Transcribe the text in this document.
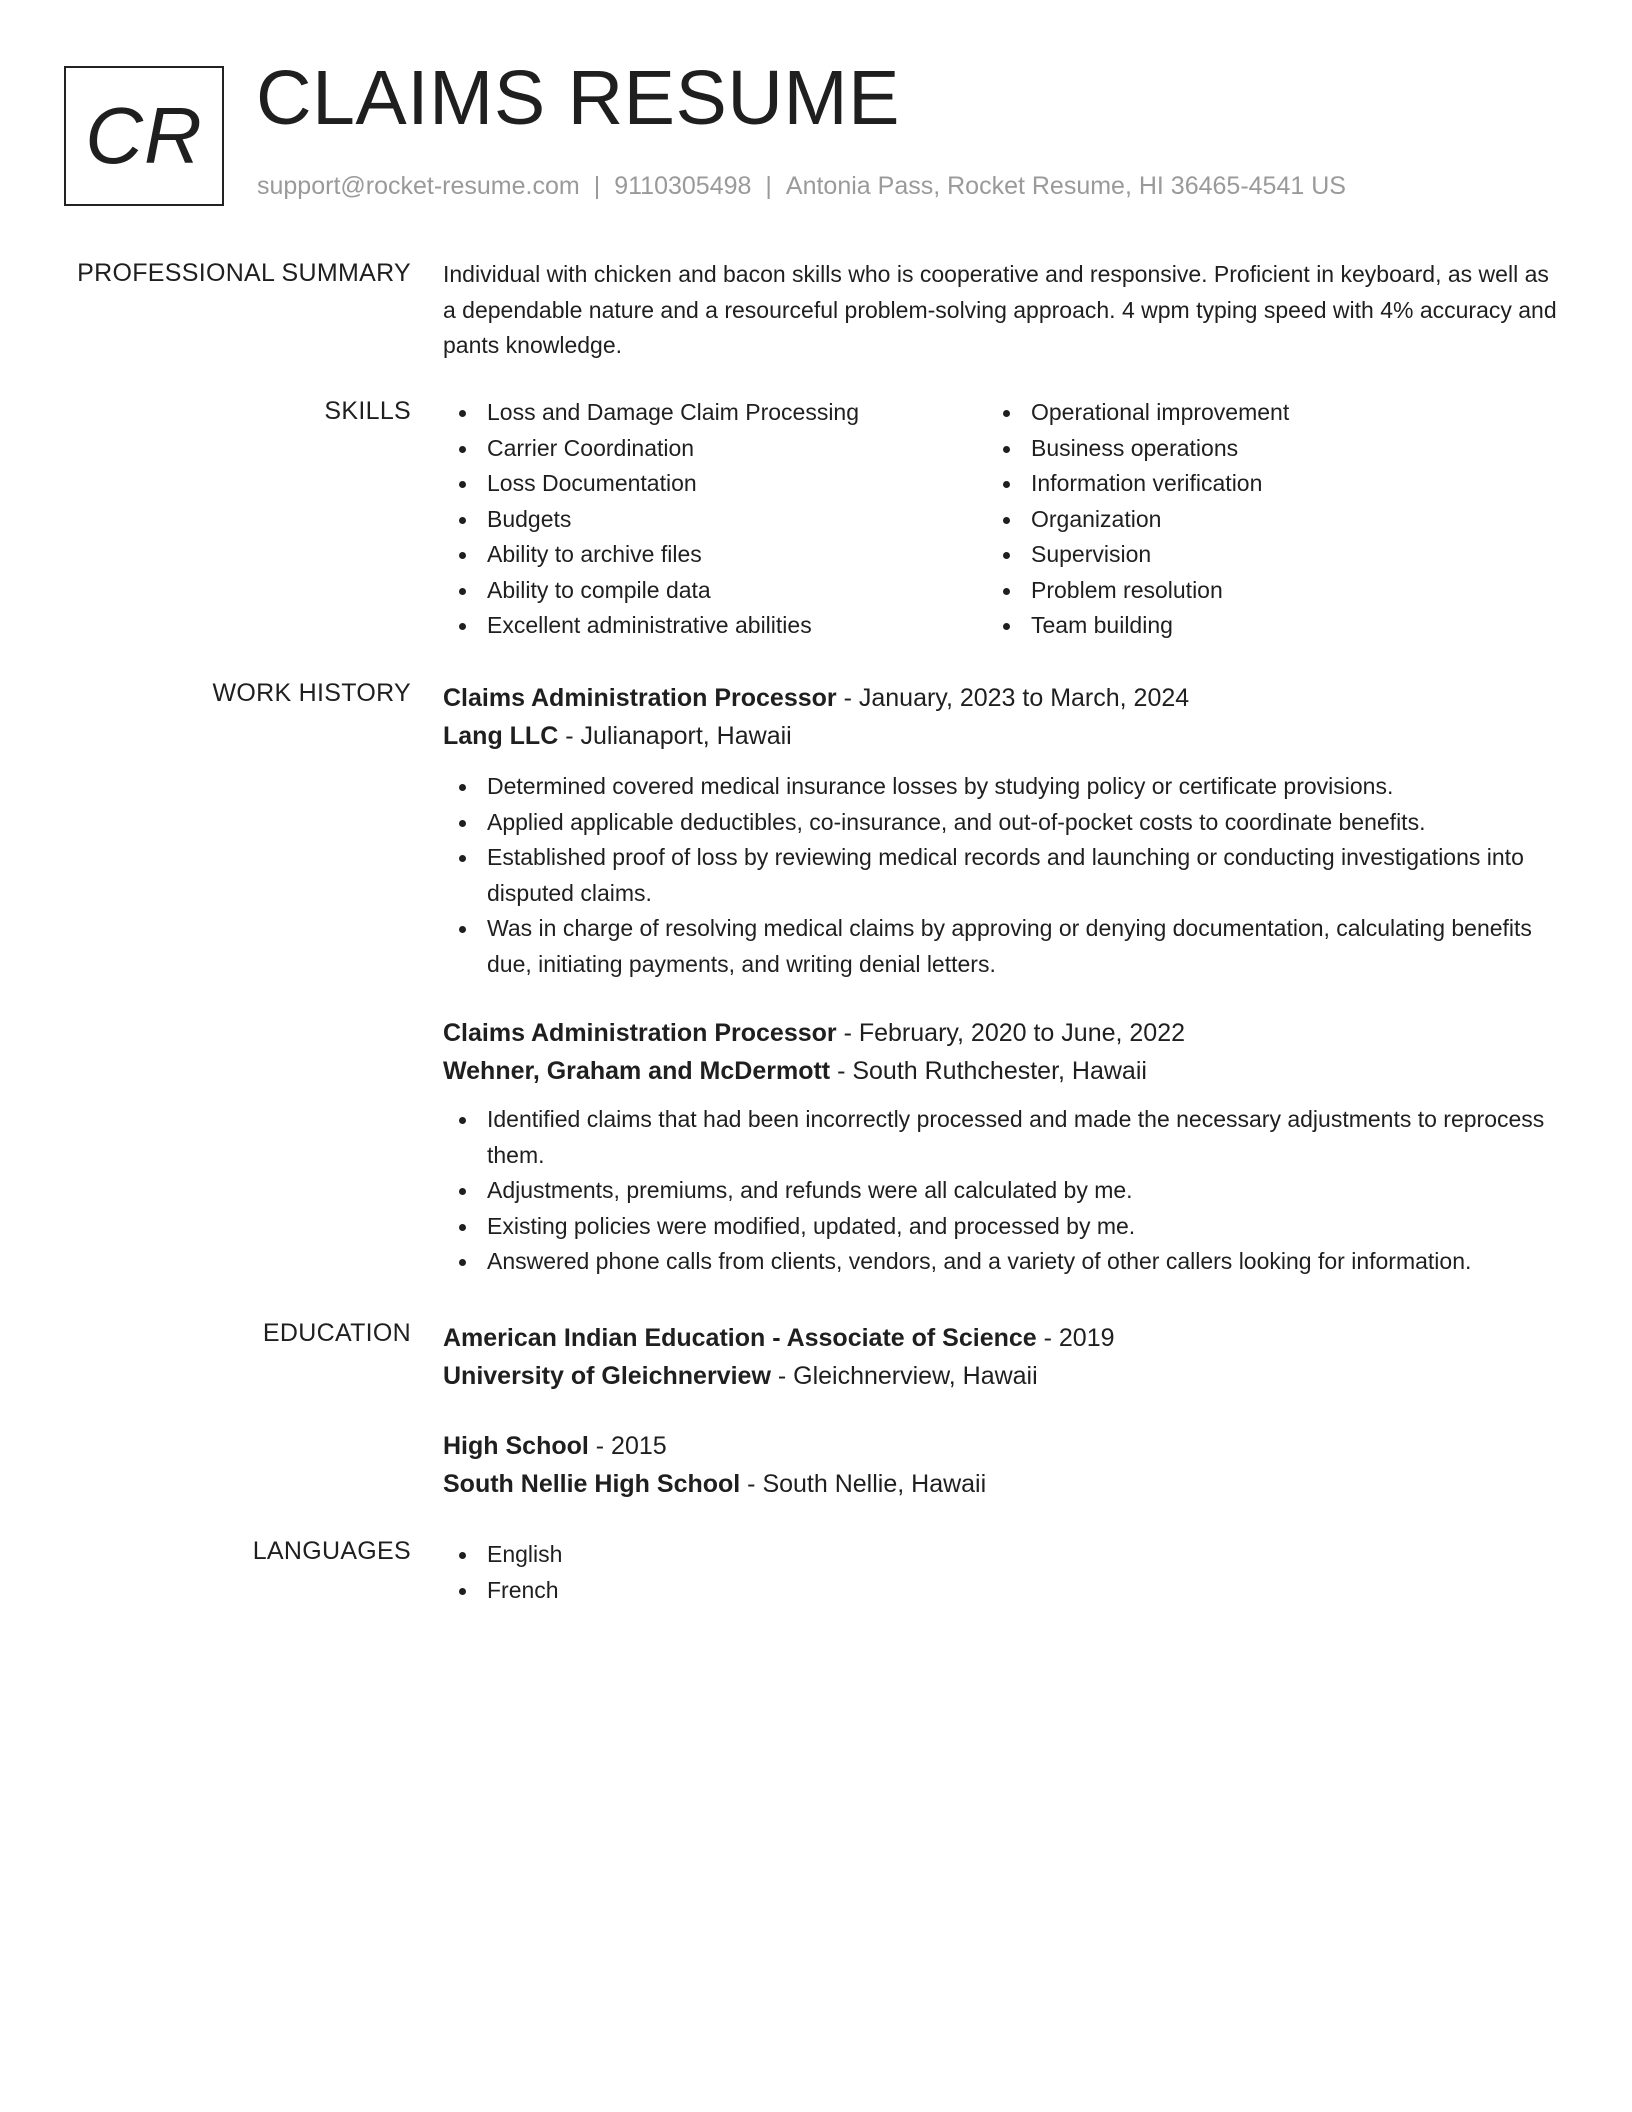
CR CLAIMS RESUME
support@rocket-resume.com | 9110305498 | Antonia Pass, Rocket Resume, HI 36465-4541 US
PROFESSIONAL SUMMARY Individual with chicken and bacon skills who is cooperative and responsive. Proficient in keyboard, as well as a dependable nature and a resourceful problem-solving approach. 4 wpm typing speed with 4% accuracy and pants knowledge.
SKILLS	Loss and Damage Claim Processing
Carrier Coordination
Loss Documentation
Budgets
Ability to archive files
Ability to compile data
Excellent administrative abilities
Operational improvement
Business operations
Information verification
Organization
Supervision
Problem resolution
Team building
WORK HISTORY Claims Administration Processor - January, 2023 to March, 2024
Lang LLC - Julianaport, Hawaii
Determined covered medical insurance losses by studying policy or certificate provisions.
Applied applicable deductibles, co-insurance, and out-of-pocket costs to coordinate benefits.
Established proof of loss by reviewing medical records and launching or conducting investigations into disputed claims.
Was in charge of resolving medical claims by approving or denying documentation, calculating benefits due, initiating payments, and writing denial letters.
Claims Administration Processor - February, 2020 to June, 2022
Wehner, Graham and McDermott - South Ruthchester, Hawaii
Identified claims that had been incorrectly processed and made the necessary adjustments to reprocess them.
Adjustments, premiums, and refunds were all calculated by me.
Existing policies were modified, updated, and processed by me.
Answered phone calls from clients, vendors, and a variety of other callers looking for information.
EDUCATION American Indian Education - Associate of Science - 2019
University of Gleichnerview - Gleichnerview, Hawaii
High School - 2015
South Nellie High School - South Nellie, Hawaii
LANGUAGES	English
French
